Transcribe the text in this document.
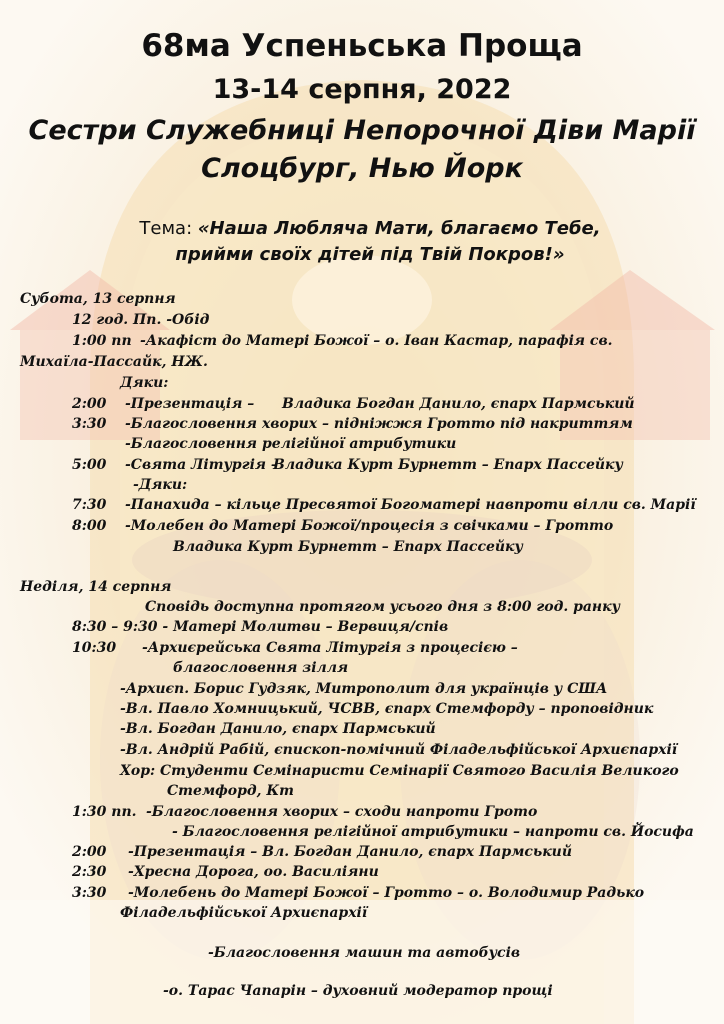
68ма Успеньська Проща
13-14 серпня, 2022
Сестри Служебниці Непорочної Діви Марії
Слоцбург, Нью Йорк
Тема: «Наша Любляча Мати, благаємо Тебе,
прийми своїх дітей під Твій Покров!»
Субота, 13 серпня
12 год. Пп. -Обід
1:00 пп -Акафіст до Матері Божої – о. Іван Кастар, парафія св.
Михаїла-Пассайк, НЖ.
Дяки:
2:00 -Презентація – Владика Богдан Данило, єпарх Пармський
3:30 -Благословення хворих – підніжжя Гротто під накриттям
-Благословення релігійної атрибутики
5:00 -Свята Літургія –Владика Курт Бурнетт – Епарх Пассейку
-Дяки:
7:30 -Панахида – кільце Пресвятої Богоматері навпроти вілли св. Марії
8:00 -Молебен до Матері Божої/процесія з свічками – Гротто
Владика Курт Бурнетт – Епарх Пассейку
Неділя, 14 серпня
Сповідь доступна протягом усього дня з 8:00 год. ранку
8:30 – 9:30 - Матері Молитви – Вервиця/спів
10:30 -Архиєрейська Свята Літургія з процесією –
благословення зілля
-Архиєп. Борис Гудзяк, Митрополит для українців у США
-Вл. Павло Хомницький, ЧСВВ, єпарх Стемфорду – проповідник
-Вл. Богдан Данило, єпарх Пармський
-Вл. Андрій Рабій, єпископ-помічний Філадельфійської Архиєпархії
Хор: Студенти Семінаристи Семінарії Святого Василія Великого
Стемфорд, Кт
1:30 пп. -Благословення хворих – сходи напроти Грото
- Благословення релігійної атрибутики – напроти св. Йосифа
2:00 -Презентація – Вл. Богдан Данило, єпарх Пармський
2:30 -Хресна Дорога, оо. Василіяни
3:30 -Молебень до Матері Божої – Гротто – о. Володимир Радько
Філадельфійської Архиєпархії
-Благословення машин та автобусів
-о. Тарас Чапарін – духовний модератор прощі
